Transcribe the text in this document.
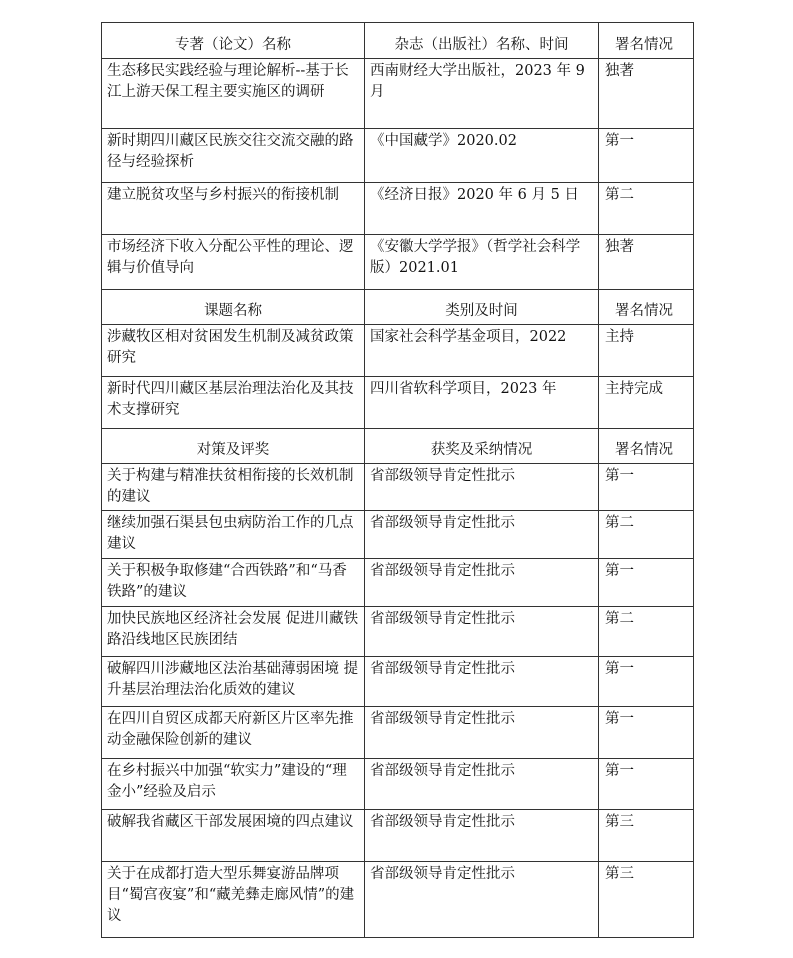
专著（论文）名称	杂志（出版社）名称、时间	署名情况
生态移民实践经验与理论解析--基于长江上游天保工程主要实施区的调研	西南财经大学出版社，2023 年 9 月	独著
新时期四川藏区民族交往交流交融的路径与经验探析	《中国藏学》2020.02	第一
建立脱贫攻坚与乡村振兴的衔接机制	《经济日报》2020 年 6 月 5 日	第二
市场经济下收入分配公平性的理论、逻辑与价值导向	《安徽大学学报》（哲学社会科学版）2021.01	独著
课题名称	类别及时间	署名情况
涉藏牧区相对贫困发生机制及减贫政策研究	国家社会科学基金项目，2022	主持
新时代四川藏区基层治理法治化及其技术支撑研究	四川省软科学项目，2023 年	主持完成
对策及评奖	获奖及采纳情况	署名情况
关于构建与精准扶贫相衔接的长效机制的建议	省部级领导肯定性批示	第一
继续加强石渠县包虫病防治工作的几点建议	省部级领导肯定性批示	第二
关于积极争取修建“合西铁路”和“马香铁路”的建议	省部级领导肯定性批示	第一
加快民族地区经济社会发展 促进川藏铁路沿线地区民族团结	省部级领导肯定性批示	第二
破解四川涉藏地区法治基础薄弱困境 提升基层治理法治化质效的建议	省部级领导肯定性批示	第一
在四川自贸区成都天府新区片区率先推动金融保险创新的建议	省部级领导肯定性批示	第一
在乡村振兴中加强“软实力”建设的“理金小”经验及启示	省部级领导肯定性批示	第一
破解我省藏区干部发展困境的四点建议	省部级领导肯定性批示	第三
关于在成都打造大型乐舞宴游品牌项目“蜀宫夜宴”和“藏羌彝走廊风情”的建议	省部级领导肯定性批示	第三
